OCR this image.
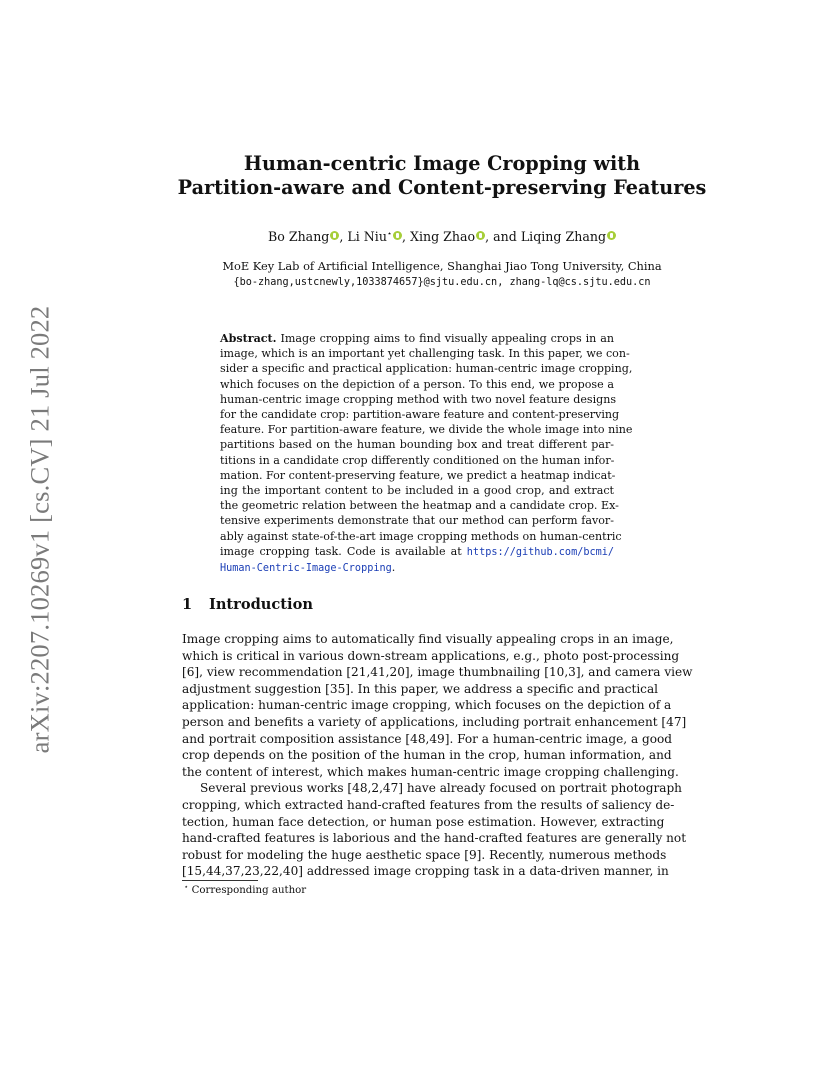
arXiv:2207.10269v1 [cs.CV] 21 Jul 2022
Human-centric Image Cropping with
Partition-aware and Content-preserving Features
Bo Zhang , Li Niu⋆ , Xing Zhao , and Liqing Zhang
MoE Key Lab of Artificial Intelligence, Shanghai Jiao Tong University, China
{bo-zhang,ustcnewly,1033874657}@sjtu.edu.cn, zhang-lq@cs.sjtu.edu.cn
Abstract. Image cropping aims to find visually appealing crops in an
image, which is an important yet challenging task. In this paper, we con-
sider a specific and practical application: human-centric image cropping,
which focuses on the depiction of a person. To this end, we propose a
human-centric image cropping method with two novel feature designs
for the candidate crop: partition-aware feature and content-preserving
feature. For partition-aware feature, we divide the whole image into nine
partitions based on the human bounding box and treat different par-
titions in a candidate crop differently conditioned on the human infor-
mation. For content-preserving feature, we predict a heatmap indicat-
ing the important content to be included in a good crop, and extract
the geometric relation between the heatmap and a candidate crop. Ex-
tensive experiments demonstrate that our method can perform favor-
ably against state-of-the-art image cropping methods on human-centric
image cropping task. Code is available at https://github.com/bcmi/
Human-Centric-Image-Cropping.
1 Introduction
Image cropping aims to automatically find visually appealing crops in an image,
which is critical in various down-stream applications, e.g., photo post-processing
[6], view recommendation [21,41,20], image thumbnailing [10,3], and camera view
adjustment suggestion [35]. In this paper, we address a specific and practical
application: human-centric image cropping, which focuses on the depiction of a
person and benefits a variety of applications, including portrait enhancement [47]
and portrait composition assistance [48,49]. For a human-centric image, a good
crop depends on the position of the human in the crop, human information, and
the content of interest, which makes human-centric image cropping challenging.
Several previous works [48,2,47] have already focused on portrait photograph
cropping, which extracted hand-crafted features from the results of saliency de-
tection, human face detection, or human pose estimation. However, extracting
hand-crafted features is laborious and the hand-crafted features are generally not
robust for modeling the huge aesthetic space [9]. Recently, numerous methods
[15,44,37,23,22,40] addressed image cropping task in a data-driven manner, in
⋆ Corresponding author
